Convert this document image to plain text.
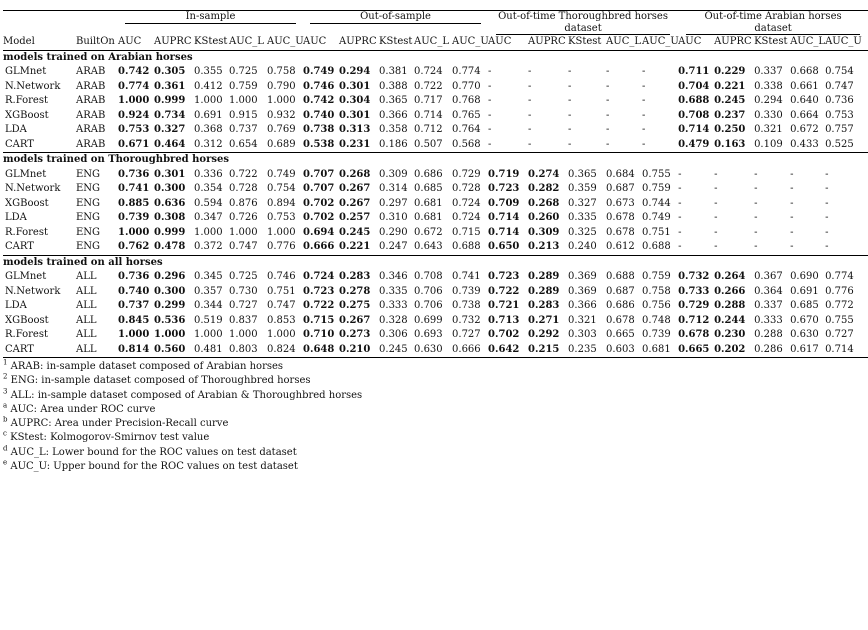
		In-sample					Out-of-sample					Out-of-time Thoroughbred horses dataset					Out-of-time Arabian horses dataset				
Model	BuiltOn	AUC	AUPRC	KStest	AUC_L	AUC_U	AUC	AUPRC	KStest	AUC_L	AUC_U	AUC	AUPRC	KStest	AUC_L	AUC_U	AUC	AUPRC	KStest	AUC_L	AUC_U
models trained on Arabian horses																					
GLMnet	ARAB	0.742	0.305	0.355	0.725	0.758	0.749	0.294	0.381	0.724	0.774	-	-	-	-	-	0.711	0.229	0.337	0.668	0.754
N.Network	ARAB	0.774	0.361	0.412	0.759	0.790	0.746	0.301	0.388	0.722	0.770	-	-	-	-	-	0.704	0.221	0.338	0.661	0.747
R.Forest	ARAB	1.000	0.999	1.000	1.000	1.000	0.742	0.304	0.365	0.717	0.768	-	-	-	-	-	0.688	0.245	0.294	0.640	0.736
XGBoost	ARAB	0.924	0.734	0.691	0.915	0.932	0.740	0.301	0.366	0.714	0.765	-	-	-	-	-	0.708	0.237	0.330	0.664	0.753
LDA	ARAB	0.753	0.327	0.368	0.737	0.769	0.738	0.313	0.358	0.712	0.764	-	-	-	-	-	0.714	0.250	0.321	0.672	0.757
CART	ARAB	0.671	0.464	0.312	0.654	0.689	0.538	0.231	0.186	0.507	0.568	-	-	-	-	-	0.479	0.163	0.109	0.433	0.525
models trained on Thoroughbred horses																					
GLMnet	ENG	0.736	0.301	0.336	0.722	0.749	0.707	0.268	0.309	0.686	0.729	0.719	0.274	0.365	0.684	0.755	-	-	-	-	-
N.Network	ENG	0.741	0.300	0.354	0.728	0.754	0.707	0.267	0.314	0.685	0.728	0.723	0.282	0.359	0.687	0.759	-	-	-	-	-
XGBoost	ENG	0.885	0.636	0.594	0.876	0.894	0.702	0.267	0.297	0.681	0.724	0.709	0.268	0.327	0.673	0.744	-	-	-	-	-
LDA	ENG	0.739	0.308	0.347	0.726	0.753	0.702	0.257	0.310	0.681	0.724	0.714	0.260	0.335	0.678	0.749	-	-	-	-	-
R.Forest	ENG	1.000	0.999	1.000	1.000	1.000	0.694	0.245	0.290	0.672	0.715	0.714	0.309	0.325	0.678	0.751	-	-	-	-	-
CART	ENG	0.762	0.478	0.372	0.747	0.776	0.666	0.221	0.247	0.643	0.688	0.650	0.213	0.240	0.612	0.688	-	-	-	-	-
models trained on all horses																					
GLMnet	ALL	0.736	0.296	0.345	0.725	0.746	0.724	0.283	0.346	0.708	0.741	0.723	0.289	0.369	0.688	0.759	0.732	0.264	0.367	0.690	0.774
N.Network	ALL	0.740	0.300	0.357	0.730	0.751	0.723	0.278	0.335	0.706	0.739	0.722	0.289	0.369	0.687	0.758	0.733	0.266	0.364	0.691	0.776
LDA	ALL	0.737	0.299	0.344	0.727	0.747	0.722	0.275	0.333	0.706	0.738	0.721	0.283	0.366	0.686	0.756	0.729	0.288	0.337	0.685	0.772
XGBoost	ALL	0.845	0.536	0.519	0.837	0.853	0.715	0.267	0.328	0.699	0.732	0.713	0.271	0.321	0.678	0.748	0.712	0.244	0.333	0.670	0.755
R.Forest	ALL	1.000	1.000	1.000	1.000	1.000	0.710	0.273	0.306	0.693	0.727	0.702	0.292	0.303	0.665	0.739	0.678	0.230	0.288	0.630	0.727
CART	ALL	0.814	0.560	0.481	0.803	0.824	0.648	0.210	0.245	0.630	0.666	0.642	0.215	0.235	0.603	0.681	0.665	0.202	0.286	0.617	0.714
$^1$ ARAB: in-sample dataset composed of Arabian horses
$^2$ ENG: in-sample dataset composed of Thoroughbred horses
$^3$ ALL: in-sample dataset composed of Arabian & Thoroughbred horses
$^a$ AUC: Area under ROC curve
$^b$ AUPRC: Area under Precision-Recall curve
$^c$ KStest: Kolmogorov-Smirnov test value
$^d$ AUC_L: Lower bound for the ROC values on test dataset
$^e$ AUC_U: Upper bound for the ROC values on test dataset
